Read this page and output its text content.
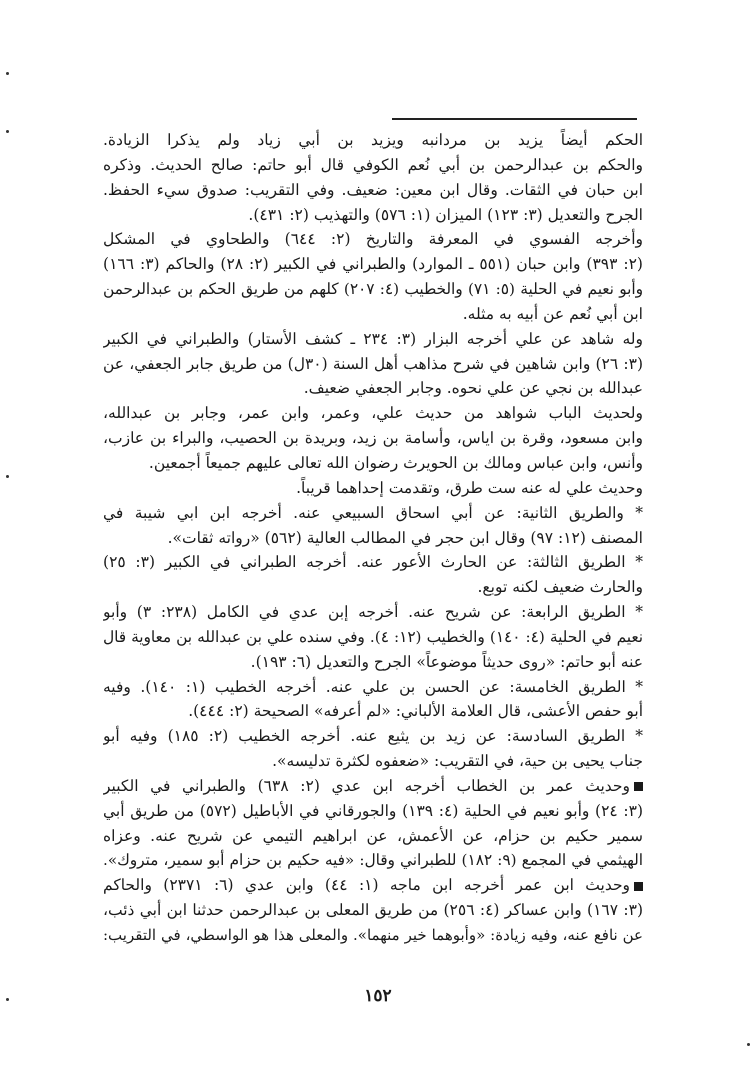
الحكم أيضاً يزيد بن مردانبه ويزيد بن أبي زياد ولم يذكرا الزيادة.
والحكم بن عبدالرحمن بن أبي نُعم الكوفي قال أبو حاتم: صالح الحديث. وذكره
ابن حبان في الثقات. وقال ابن معين: ضعيف. وفي التقريب: صدوق سيء الحفظ.
الجرح والتعديل (٣: ١٢٣) الميزان (١: ٥٧٦) والتهذيب (٢: ٤٣١).
وأخرجه الفسوي في المعرفة والتاريخ (٢: ٦٤٤) والطحاوي في المشكل
(٢: ٣٩٣) وابن حبان (٥٥١ ـ الموارد) والطبراني في الكبير (٢: ٢٨) والحاكم (٣: ١٦٦)
وأبو نعيم في الحلية (٥: ٧١) والخطيب (٤: ٢٠٧) كلهم من طريق الحكم بن عبدالرحمن
ابن أبي نُعم عن أبيه به مثله.
وله شاهد عن علي أخرجه البزار (٣: ٢٣٤ ـ كشف الأستار) والطبراني في الكبير
(٣: ٢٦) وابن شاهين في شرح مذاهب أهل السنة (٣٠ل) من طريق جابر الجعفي، عن
عبدالله بن نجي عن علي نحوه. وجابر الجعفي ضعيف.
ولحديث الباب شواهد من حديث علي، وعمر، وابن عمر، وجابر بن عبدالله،
وابن مسعود، وقرة بن اياس، وأسامة بن زيد، وبريدة بن الحصيب، والبراء بن عازب،
وأنس، وابن عباس ومالك بن الحويرث رضوان الله تعالى عليهم جميعاً أجمعين.
وحديث علي له عنه ست طرق، وتقدمت إحداهما قريباً.
* والطريق الثانية: عن أبي اسحاق السبيعي عنه. أخرجه ابن ابي شيبة في
المصنف (١٢: ٩٧) وقال ابن حجر في المطالب العالية (٥٦٢) «رواته ثقات».
* الطريق الثالثة: عن الحارث الأعور عنه. أخرجه الطبراني في الكبير (٣: ٢٥)
والحارث ضعيف لكنه توبع.
* الطريق الرابعة: عن شريح عنه. أخرجه إبن عدي في الكامل (٢٣٨: ٣) وأبو
نعيم في الحلية (٤: ١٤٠) والخطيب (١٢: ٤). وفي سنده علي بن عبدالله بن معاوية قال
عنه أبو حاتم: «روى حديثاً موضوعاً» الجرح والتعديل (٦: ١٩٣).
* الطريق الخامسة: عن الحسن بن علي عنه. أخرجه الخطيب (١: ١٤٠). وفيه
أبو حفص الأعشى، قال العلامة الألباني: «لم أعرفه» الصحيحة (٢: ٤٤٤).
* الطريق السادسة: عن زيد بن يثيع عنه. أخرجه الخطيب (٢: ١٨٥) وفيه أبو
جناب يحيى بن حية، في التقريب: «ضعفوه لكثرة تدليسه».
وحديث عمر بن الخطاب أخرجه ابن عدي (٢: ٦٣٨) والطبراني في الكبير
(٣: ٢٤) وأبو نعيم في الحلية (٤: ١٣٩) والجورقاني في الأباطيل (٥٧٢) من طريق أبي
سمير حكيم بن حزام، عن الأعمش، عن ابراهيم التيمي عن شريح عنه. وعزاه
الهيثمي في المجمع (٩: ١٨٢) للطبراني وقال: «فيه حكيم بن حزام أبو سمير، متروك».
وحديث ابن عمر أخرجه ابن ماجه (١: ٤٤) وابن عدي (٦: ٢٣٧١) والحاكم
(٣: ١٦٧) وابن عساكر (٤: ٢٥٦) من طريق المعلى بن عبدالرحمن حدثنا ابن أبي ذئب،
عن نافع عنه، وفيه زيادة: «وأبوهما خير منهما». والمعلى هذا هو الواسطي، في التقريب:
١٥٢
